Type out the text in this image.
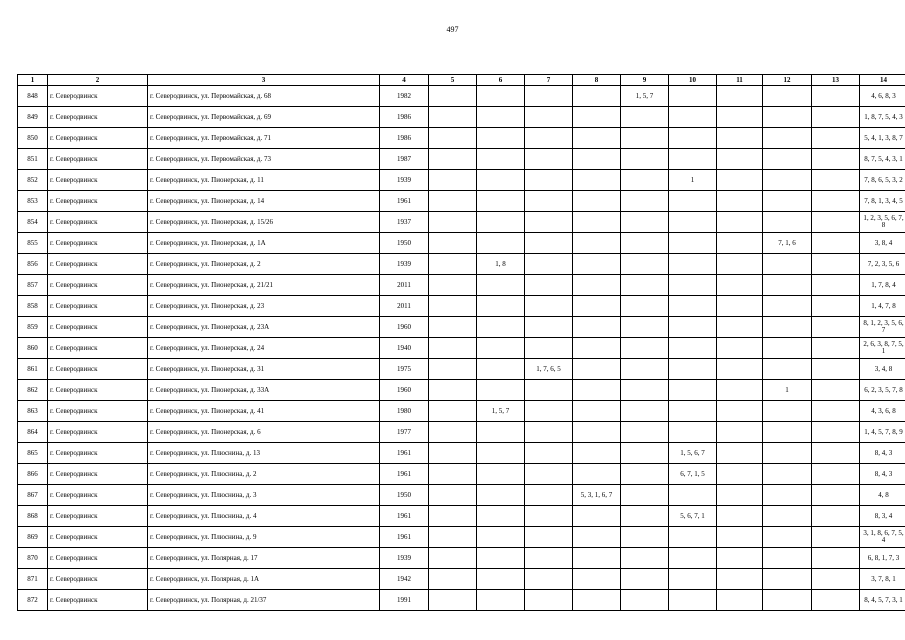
497
1	2	3	4	5	6	7	8	9	10	11	12	13	14
848	г. Северодвинск	г. Северодвинск, ул. Первомайская, д. 68	1982					1, 5, 7					4, 6, 8, 3
849	г. Северодвинск	г. Северодвинск, ул. Первомайская, д. 69	1986										1, 8, 7, 5, 4, 3
850	г. Северодвинск	г. Северодвинск, ул. Первомайская, д. 71	1986										5, 4, 1, 3, 8, 7
851	г. Северодвинск	г. Северодвинск, ул. Первомайская, д. 73	1987										8, 7, 5, 4, 3, 1
852	г. Северодвинск	г. Северодвинск, ул. Пионерская, д. 11	1939						1				7, 8, 6, 5, 3, 2
853	г. Северодвинск	г. Северодвинск, ул. Пионерская, д. 14	1961										7, 8, 1, 3, 4, 5
854	г. Северодвинск	г. Северодвинск, ул. Пионерская, д. 15/26	1937										1, 2, 3, 5, 6, 7, 8
855	г. Северодвинск	г. Северодвинск, ул. Пионерская, д. 1А	1950								7, 1, 6		3, 8, 4
856	г. Северодвинск	г. Северодвинск, ул. Пионерская, д. 2	1939		1, 8								7, 2, 3, 5, 6
857	г. Северодвинск	г. Северодвинск, ул. Пионерская, д. 21/21	2011										1, 7, 8, 4
858	г. Северодвинск	г. Северодвинск, ул. Пионерская, д. 23	2011										1, 4, 7, 8
859	г. Северодвинск	г. Северодвинск, ул. Пионерская, д. 23А	1960										8, 1, 2, 3, 5, 6, 7
860	г. Северодвинск	г. Северодвинск, ул. Пионерская, д. 24	1940										2, 6, 3, 8, 7, 5, 1
861	г. Северодвинск	г. Северодвинск, ул. Пионерская, д. 31	1975			1, 7, 6, 5							3, 4, 8
862	г. Северодвинск	г. Северодвинск, ул. Пионерская, д. 33А	1960								1		6, 2, 3, 5, 7, 8
863	г. Северодвинск	г. Северодвинск, ул. Пионерская, д. 41	1980		1, 5, 7								4, 3, 6, 8
864	г. Северодвинск	г. Северодвинск, ул. Пионерская, д. 6	1977										1, 4, 5, 7, 8, 9
865	г. Северодвинск	г. Северодвинск, ул. Плюснина, д. 13	1961						1, 5, 6, 7				8, 4, 3
866	г. Северодвинск	г. Северодвинск, ул. Плюснина, д. 2	1961						6, 7, 1, 5				8, 4, 3
867	г. Северодвинск	г. Северодвинск, ул. Плюснина, д. 3	1950				5, 3, 1, 6, 7						4, 8
868	г. Северодвинск	г. Северодвинск, ул. Плюснина, д. 4	1961						5, 6, 7, 1				8, 3, 4
869	г. Северодвинск	г. Северодвинск, ул. Плюснина, д. 9	1961										3, 1, 8, 6, 7, 5, 4
870	г. Северодвинск	г. Северодвинск, ул. Полярная, д. 17	1939										6, 8, 1, 7, 3
871	г. Северодвинск	г. Северодвинск, ул. Полярная, д. 1А	1942										3, 7, 8, 1
872	г. Северодвинск	г. Северодвинск, ул. Полярная, д. 21/37	1991										8, 4, 5, 7, 3, 1
